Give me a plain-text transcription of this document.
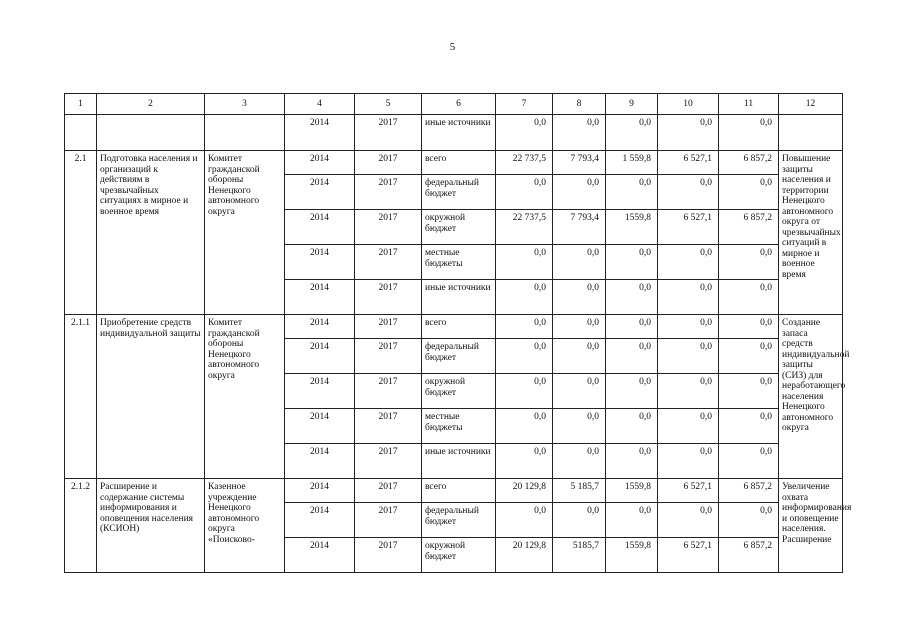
5
1	2	3	4	5	6	7	8	9	10	11	12
			2014	2017	иные источники	0,0	0,0	0,0	0,0	0,0	
2.1	Подготовка населения и организаций к действиям в чрезвычайных ситуациях в мирное и военное время	Комитет гражданской обороны Ненецкого автономного округа	2014	2017	всего	22 737,5	7 793,4	1 559,8	6 527,1	6 857,2	Повышение защиты населения и территории Ненецкого автономного округа от чрезвычайных ситуаций в мирное и военное время
			2014	2017	федеральный бюджет	0,0	0,0	0,0	0,0	0,0	
			2014	2017	окружной бюджет	22 737,5	7 793,4	1559,8	6 527,1	6 857,2	
			2014	2017	местные бюджеты	0,0	0,0	0,0	0,0	0,0	
			2014	2017	иные источники	0,0	0,0	0,0	0,0	0,0	
2.1.1	Приобретение средств индивидуальной защиты	Комитет гражданской обороны Ненецкого автономного округа	2014	2017	всего	0,0	0,0	0,0	0,0	0,0	Создание запаса средств индивидуальной защиты (СИЗ) для неработающего населения Ненецкого автономного округа
			2014	2017	федеральный бюджет	0,0	0,0	0,0	0,0	0,0	
			2014	2017	окружной бюджет	0,0	0,0	0,0	0,0	0,0	
			2014	2017	местные бюджеты	0,0	0,0	0,0	0,0	0,0	
			2014	2017	иные источники	0,0	0,0	0,0	0,0	0,0	
2.1.2	Расширение и содержание системы информирования и оповещения населения (КСИОН)	Казенное учреждение Ненецкого автономного округа «Поисково-	2014	2017	всего	20 129,8	5 185,7	1559,8	6 527,1	6 857,2	Увеличение охвата информирования и оповещение населения. Расширение
			2014	2017	федеральный бюджет	0,0	0,0	0,0	0,0	0,0	
			2014	2017	окружной бюджет	20 129,8	5185,7	1559,8	6 527,1	6 857,2	
